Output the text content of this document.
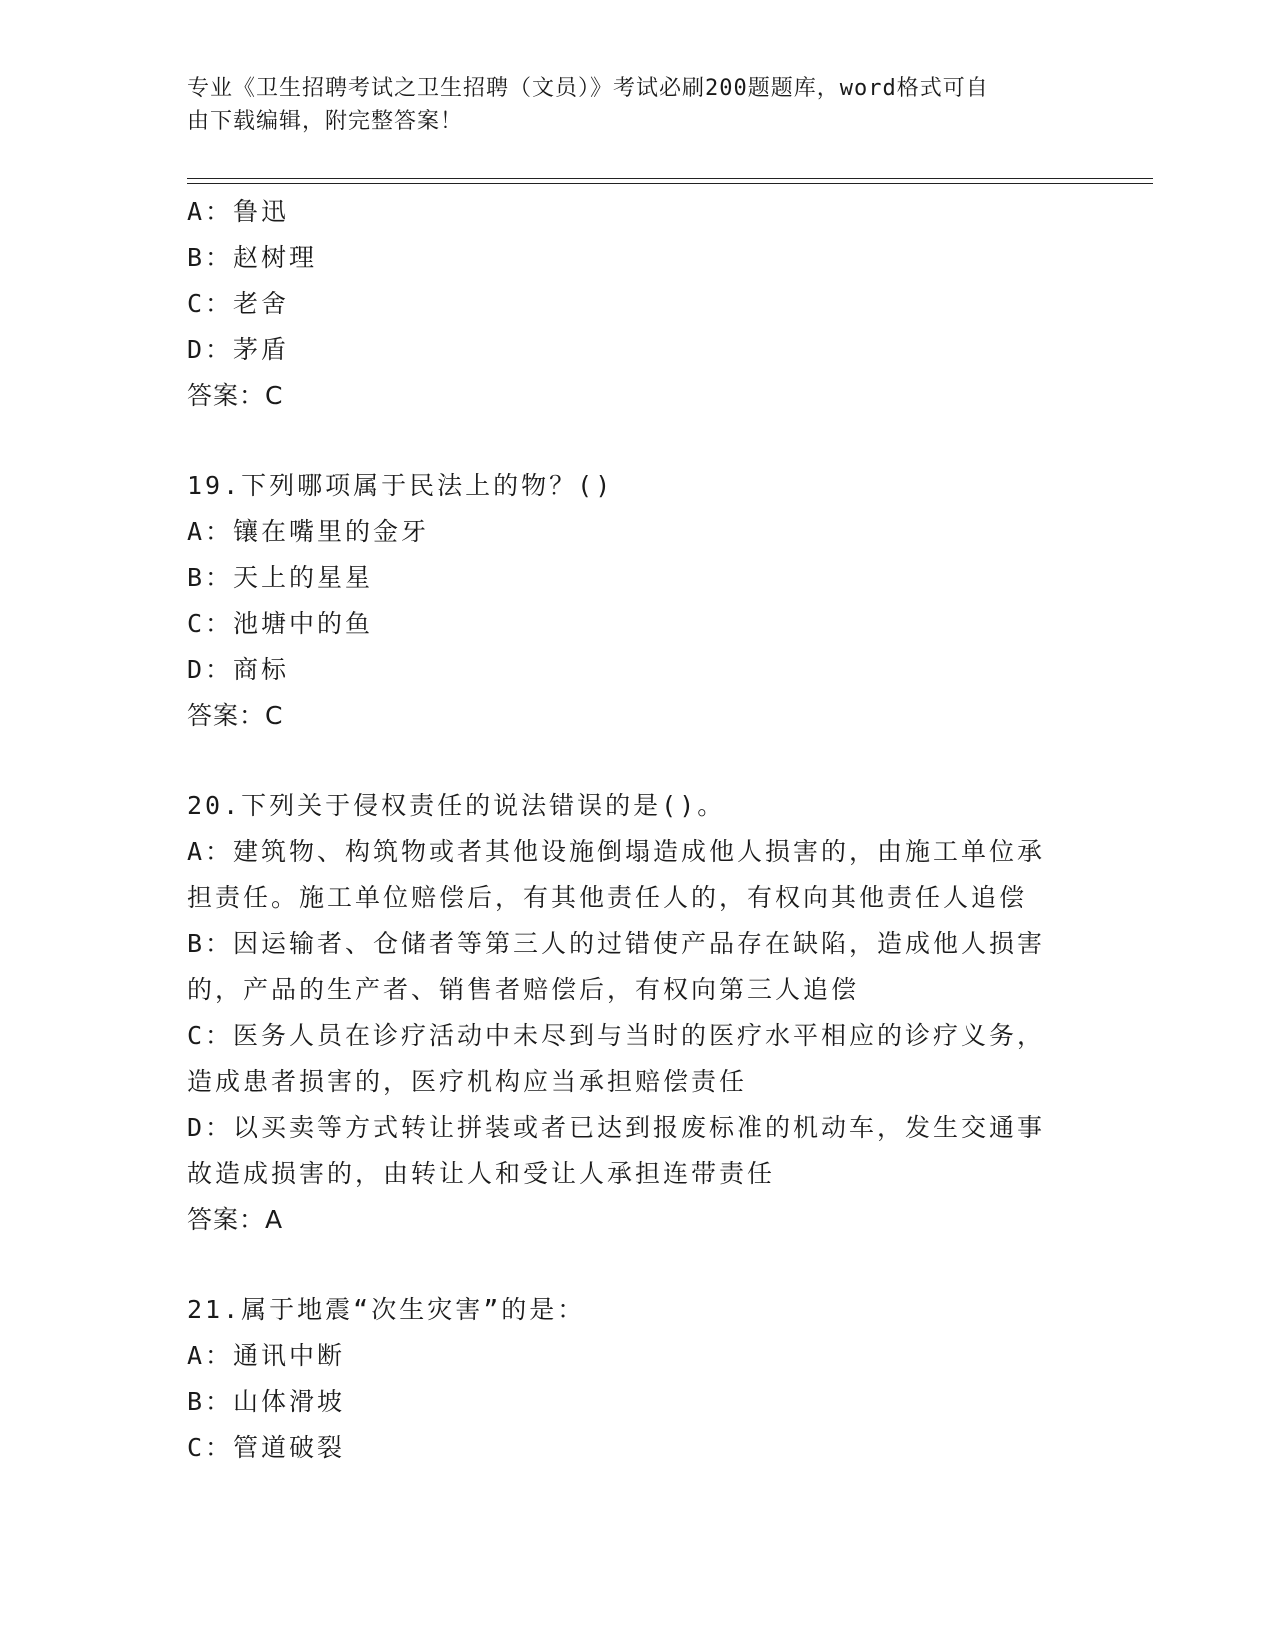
专业《卫生招聘考试之卫生招聘（文员）》考试必刷200题题库，word格式可自
由下载编辑，附完整答案！
A：鲁迅
B：赵树理
C：老舍
D：茅盾
答案：C
19.下列哪项属于民法上的物？()
A：镶在嘴里的金牙
B：天上的星星
C：池塘中的鱼
D：商标
答案：C
20.下列关于侵权责任的说法错误的是()。
A：建筑物、构筑物或者其他设施倒塌造成他人损害的，由施工单位承
担责任。施工单位赔偿后，有其他责任人的，有权向其他责任人追偿
B：因运输者、仓储者等第三人的过错使产品存在缺陷，造成他人损害
的，产品的生产者、销售者赔偿后，有权向第三人追偿
C：医务人员在诊疗活动中未尽到与当时的医疗水平相应的诊疗义务，
造成患者损害的，医疗机构应当承担赔偿责任
D：以买卖等方式转让拼装或者已达到报废标准的机动车，发生交通事
故造成损害的，由转让人和受让人承担连带责任
答案：A
21.属于地震“次生灾害”的是：
A：通讯中断
B：山体滑坡
C：管道破裂
